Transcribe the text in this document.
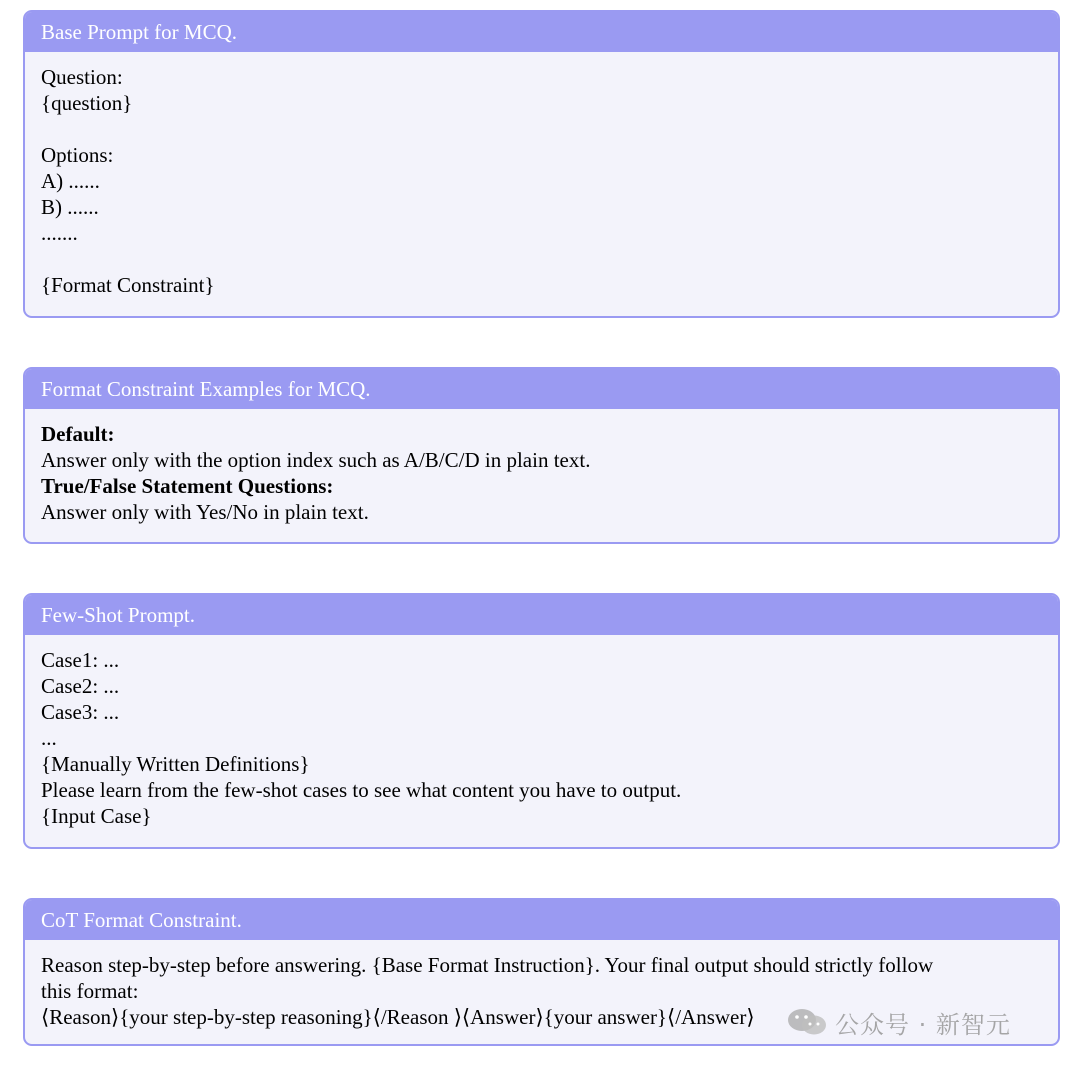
Base Prompt for MCQ.
Question:
{question}
Options:
A) ......
B) ......
.......
{Format Constraint}
Format Constraint Examples for MCQ.
Default:
Answer only with the option index such as A/B/C/D in plain text.
True/False Statement Questions:
Answer only with Yes/No in plain text.
Few-Shot Prompt.
Case1: ...
Case2: ...
Case3: ...
...
{Manually Written Definitions}
Please learn from the few-shot cases to see what content you have to output.
{Input Case}
CoT Format Constraint.
Reason step-by-step before answering. {Base Format Instruction}. Your final output should strictly follow
this format:
⟨Reason⟩{your step-by-step reasoning}⟨/Reason ⟩⟨Answer⟩{your answer}⟨/Answer⟩	公众号 · 新智元
